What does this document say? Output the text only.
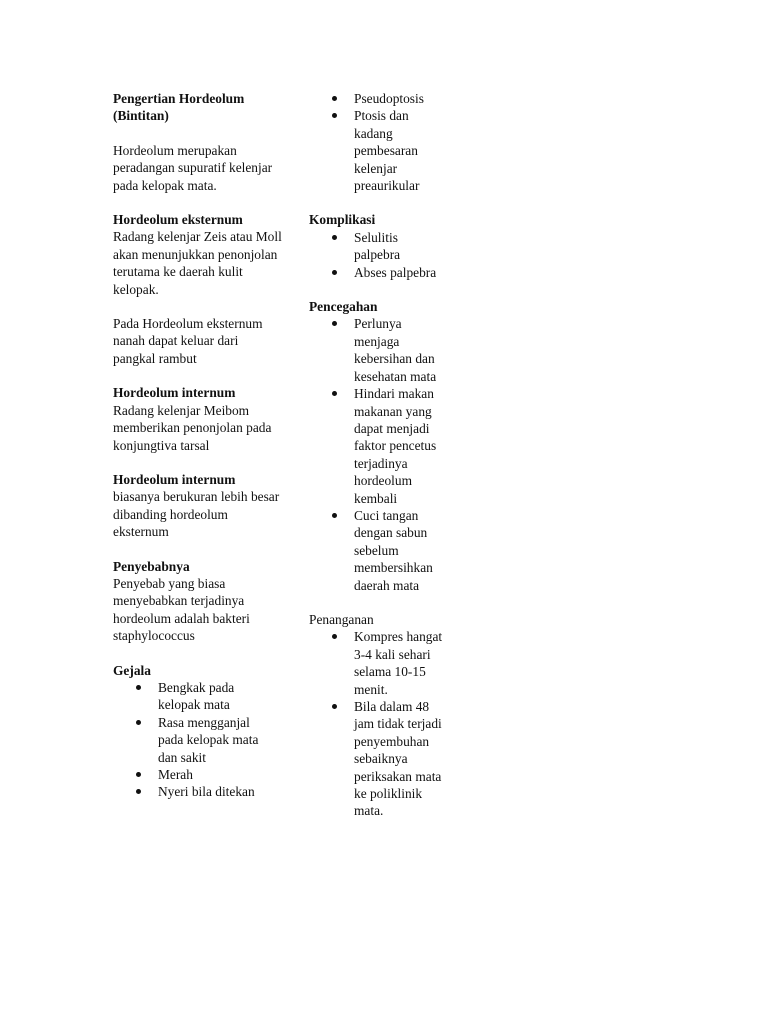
Pengertian Hordeolum (Bintitan)

Hordeolum merupakan peradangan supuratif kelenjar pada kelopak mata.

Hordeolum eksternum

Radang kelenjar Zeis atau Moll akan menunjukkan penonjolan terutama ke daerah kulit kelopak.

Pada Hordeolum eksternum nanah dapat keluar dari pangkal rambut

Hordeolum internum

Radang kelenjar Meibom memberikan penonjolan pada konjungtiva tarsal

Hordeolum internum

biasanya berukuran lebih besar dibanding hordeolum eksternum

Penyebabnya

Penyebab yang biasa menyebabkan terjadinya hordeolum adalah bakteri staphylococcus

Gejala
Bengkak pada kelopak mata
Rasa mengganjal pada kelopak mata dan sakit
Merah
Nyeri bila ditekan
Pseudoptosis
Ptosis dan kadang pembesaran kelenjar preaurikular
Komplikasi
Selulitis palpebra
Abses palpebra
Pencegahan
Perlunya menjaga kebersihan dan kesehatan mata
Hindari makan makanan yang dapat menjadi faktor pencetus terjadinya hordeolum kembali
Cuci tangan dengan sabun sebelum membersihkan daerah mata
Penanganan
Kompres hangat 3-4 kali sehari selama 10-15 menit.
Bila dalam 48 jam tidak terjadi penyembuhan sebaiknya periksakan mata ke poliklinik mata.
